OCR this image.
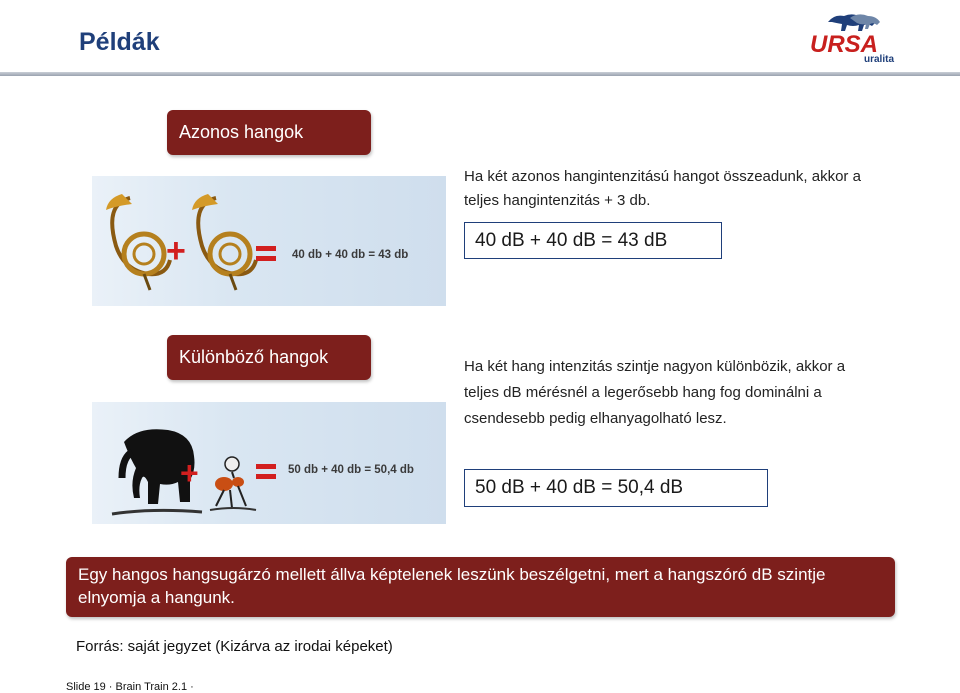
Példák	URSA
uralita
Azonos hangok
+	40 db + 40 db = 43 db
Ha két azonos hangintenzitású hangot összeadunk, akkor a teljes hangintenzitás + 3 db.
40 dB + 40 dB = 43 dB
Különböző hangok
+	50 db + 40 db = 50,4 db
Ha két hang intenzitás szintje nagyon különbözik, akkor a teljes dB mérésnél a legerősebb hang fog dominálni a csendesebb pedig elhanyagolható lesz.
50 dB + 40 dB = 50,4 dB
Egy hangos hangsugárzó mellett állva képtelenek leszünk beszélgetni, mert a hangszóró dB szintje elnyomja a hangunk.
Forrás: saját jegyzet (Kizárva az irodai képeket)
Slide 19 · Brain Train 2.1 ·
